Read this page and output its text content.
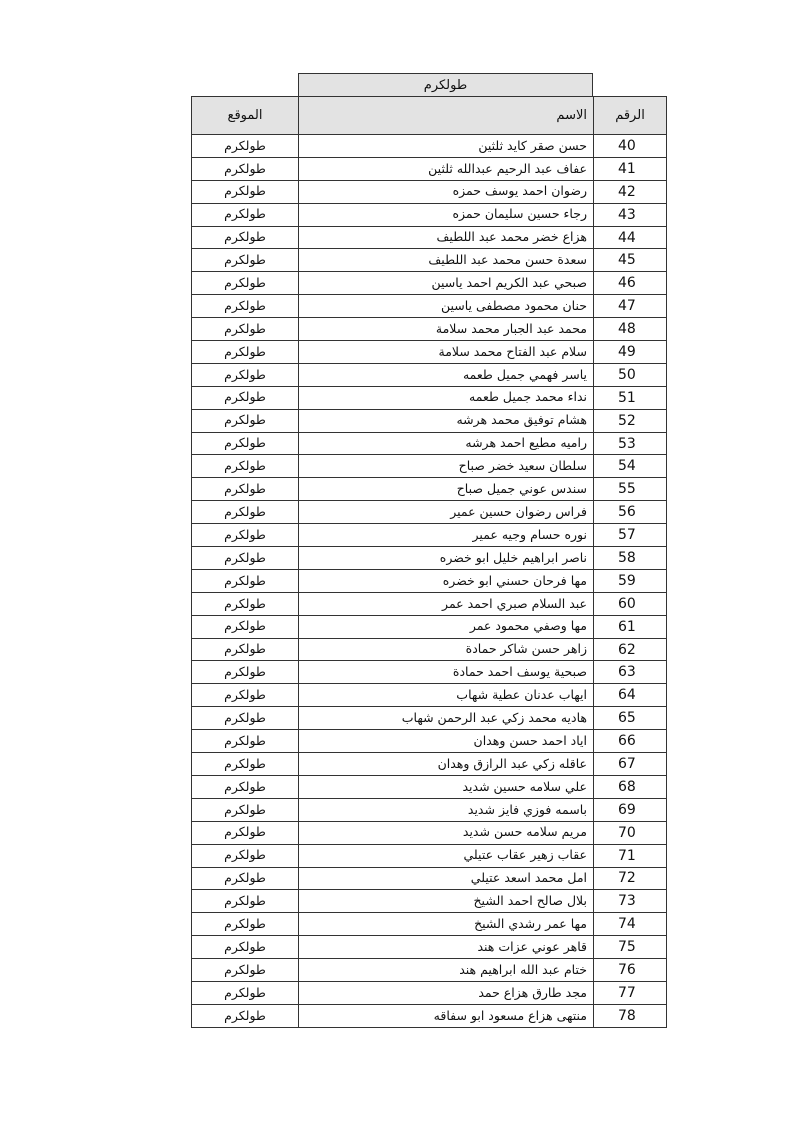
طولكرم
الموقع	الاسم	الرقم
طولكرم	حسن صقر كايد ثلثين	40
طولكرم	عفاف عبد الرحيم عبدالله ثلثين	41
طولكرم	رضوان احمد يوسف حمزه	42
طولكرم	رجاء حسين سليمان حمزه	43
طولكرم	هزاع خضر محمد عبد اللطيف	44
طولكرم	سعدة حسن محمد عبد اللطيف	45
طولكرم	صبحي عبد الكريم احمد ياسين	46
طولكرم	حنان محمود مصطفى ياسين	47
طولكرم	محمد عبد الجبار محمد سلامة	48
طولكرم	سلام عبد الفتاح محمد سلامة	49
طولكرم	ياسر فهمي جميل طعمه	50
طولكرم	نداء محمد جميل طعمه	51
طولكرم	هشام توفيق محمد هرشه	52
طولكرم	راميه مطيع احمد هرشه	53
طولكرم	سلطان سعيد خضر صباح	54
طولكرم	سندس عوني جميل صباح	55
طولكرم	فراس رضوان حسين عمير	56
طولكرم	نوره حسام وجيه عمير	57
طولكرم	ناصر ابراهيم خليل ابو خضره	58
طولكرم	مها فرحان حسني ابو خضره	59
طولكرم	عبد السلام صبري احمد عمر	60
طولكرم	مها وصفي محمود عمر	61
طولكرم	زاهر حسن شاكر حمادة	62
طولكرم	صبحية يوسف احمد حمادة	63
طولكرم	ايهاب عدنان عطية شهاب	64
طولكرم	هاديه محمد زكي عبد الرحمن شهاب	65
طولكرم	اياد احمد حسن وهدان	66
طولكرم	عاقله زكي عبد الرازق وهدان	67
طولكرم	علي سلامه حسين شديد	68
طولكرم	باسمه فوزي فايز شديد	69
طولكرم	مريم سلامه حسن شديد	70
طولكرم	عقاب زهير عقاب عتيلي	71
طولكرم	امل محمد اسعد عتيلي	72
طولكرم	بلال صالح احمد الشيخ	73
طولكرم	مها عمر رشدي الشيخ	74
طولكرم	قاهر عوني عزات هند	75
طولكرم	ختام عبد الله ابراهيم هند	76
طولكرم	مجد طارق هزاع حمد	77
طولكرم	منتهى هزاع مسعود ابو سفاقه	78
